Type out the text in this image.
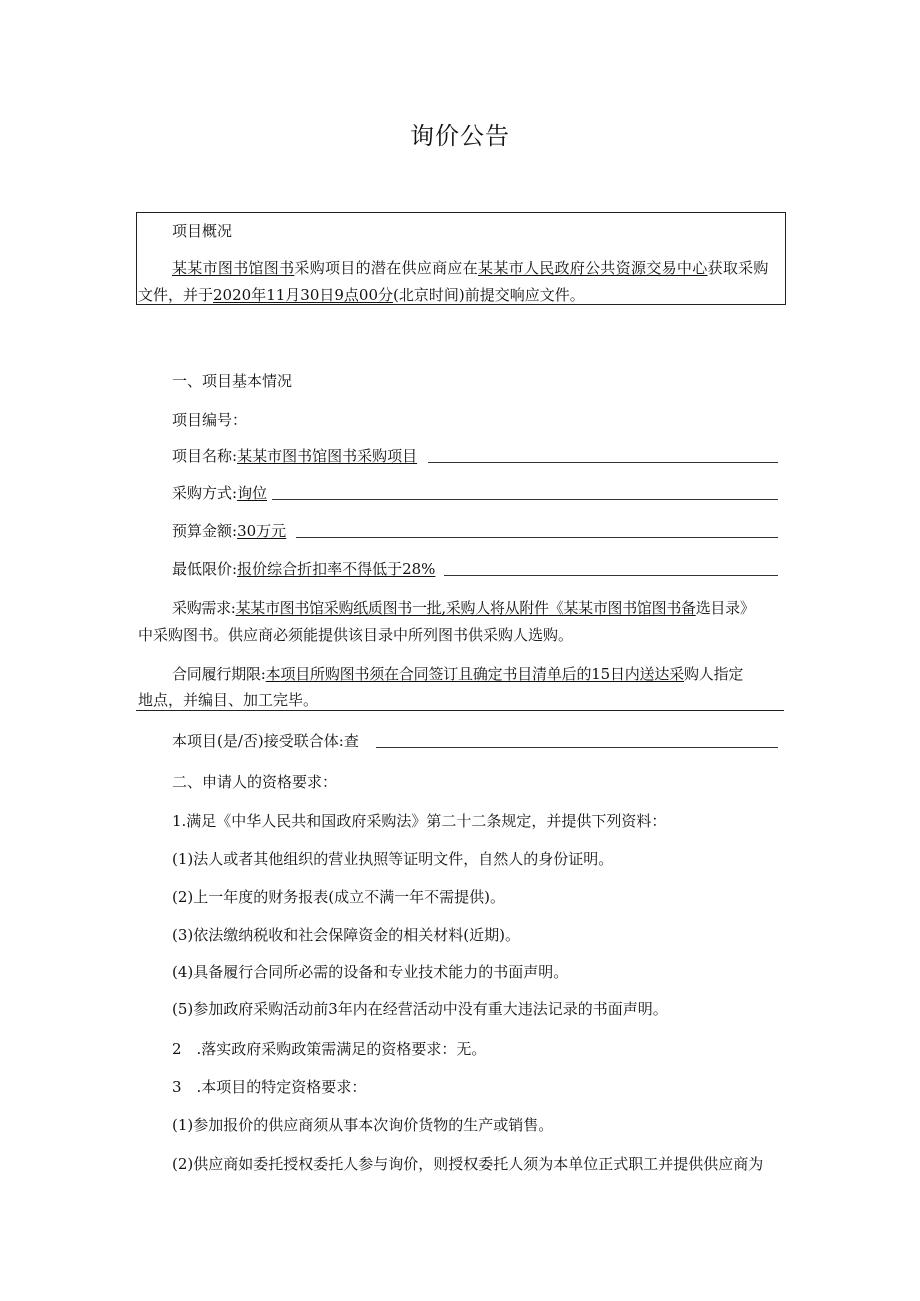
询价公告
项目概况
某某市图书馆图书采购项目的潜在供应商应在某某市人民政府公共资源交易中心获取采购
文件，并于2020年11月30日9点00分(北京时间)前提交响应文件。
一、项目基本情况
项目编号：
项目名称:某某市图书馆图书采购项目
采购方式:询位
预算金额:30万元
最低限价:报价综合折扣率不得低于28%
采购需求:某某市图书馆采购纸质图书一批,采购人将从附件《某某市图书馆图书备选目录》
中采购图书。供应商必须能提供该目录中所列图书供采购人选购。
合同履行期限:本项目所购图书须在合同签订且确定书目清单后的15日内送达采购人指定
地点，并编目、加工完毕。
本项目(是/否)接受联合体:查
二、申请人的资格要求：
1.满足《中华人民共和国政府采购法》第二十二条规定，并提供下列资料：
(1)法人或者其他组织的营业执照等证明文件，自然人的身份证明。
(2)上一年度的财务报表(成立不满一年不需提供)。
(3)依法缴纳税收和社会保障资金的相关材料(近期)。
(4)具备履行合同所必需的设备和专业技术能力的书面声明。
(5)参加政府采购活动前3年内在经营活动中没有重大违法记录的书面声明。
2　.落实政府采购政策需满足的资格要求：无。
3　.本项目的特定资格要求：
(1)参加报价的供应商须从事本次询价货物的生产或销售。
(2)供应商如委托授权委托人参与询价，则授权委托人须为本单位正式职工并提供供应商为
